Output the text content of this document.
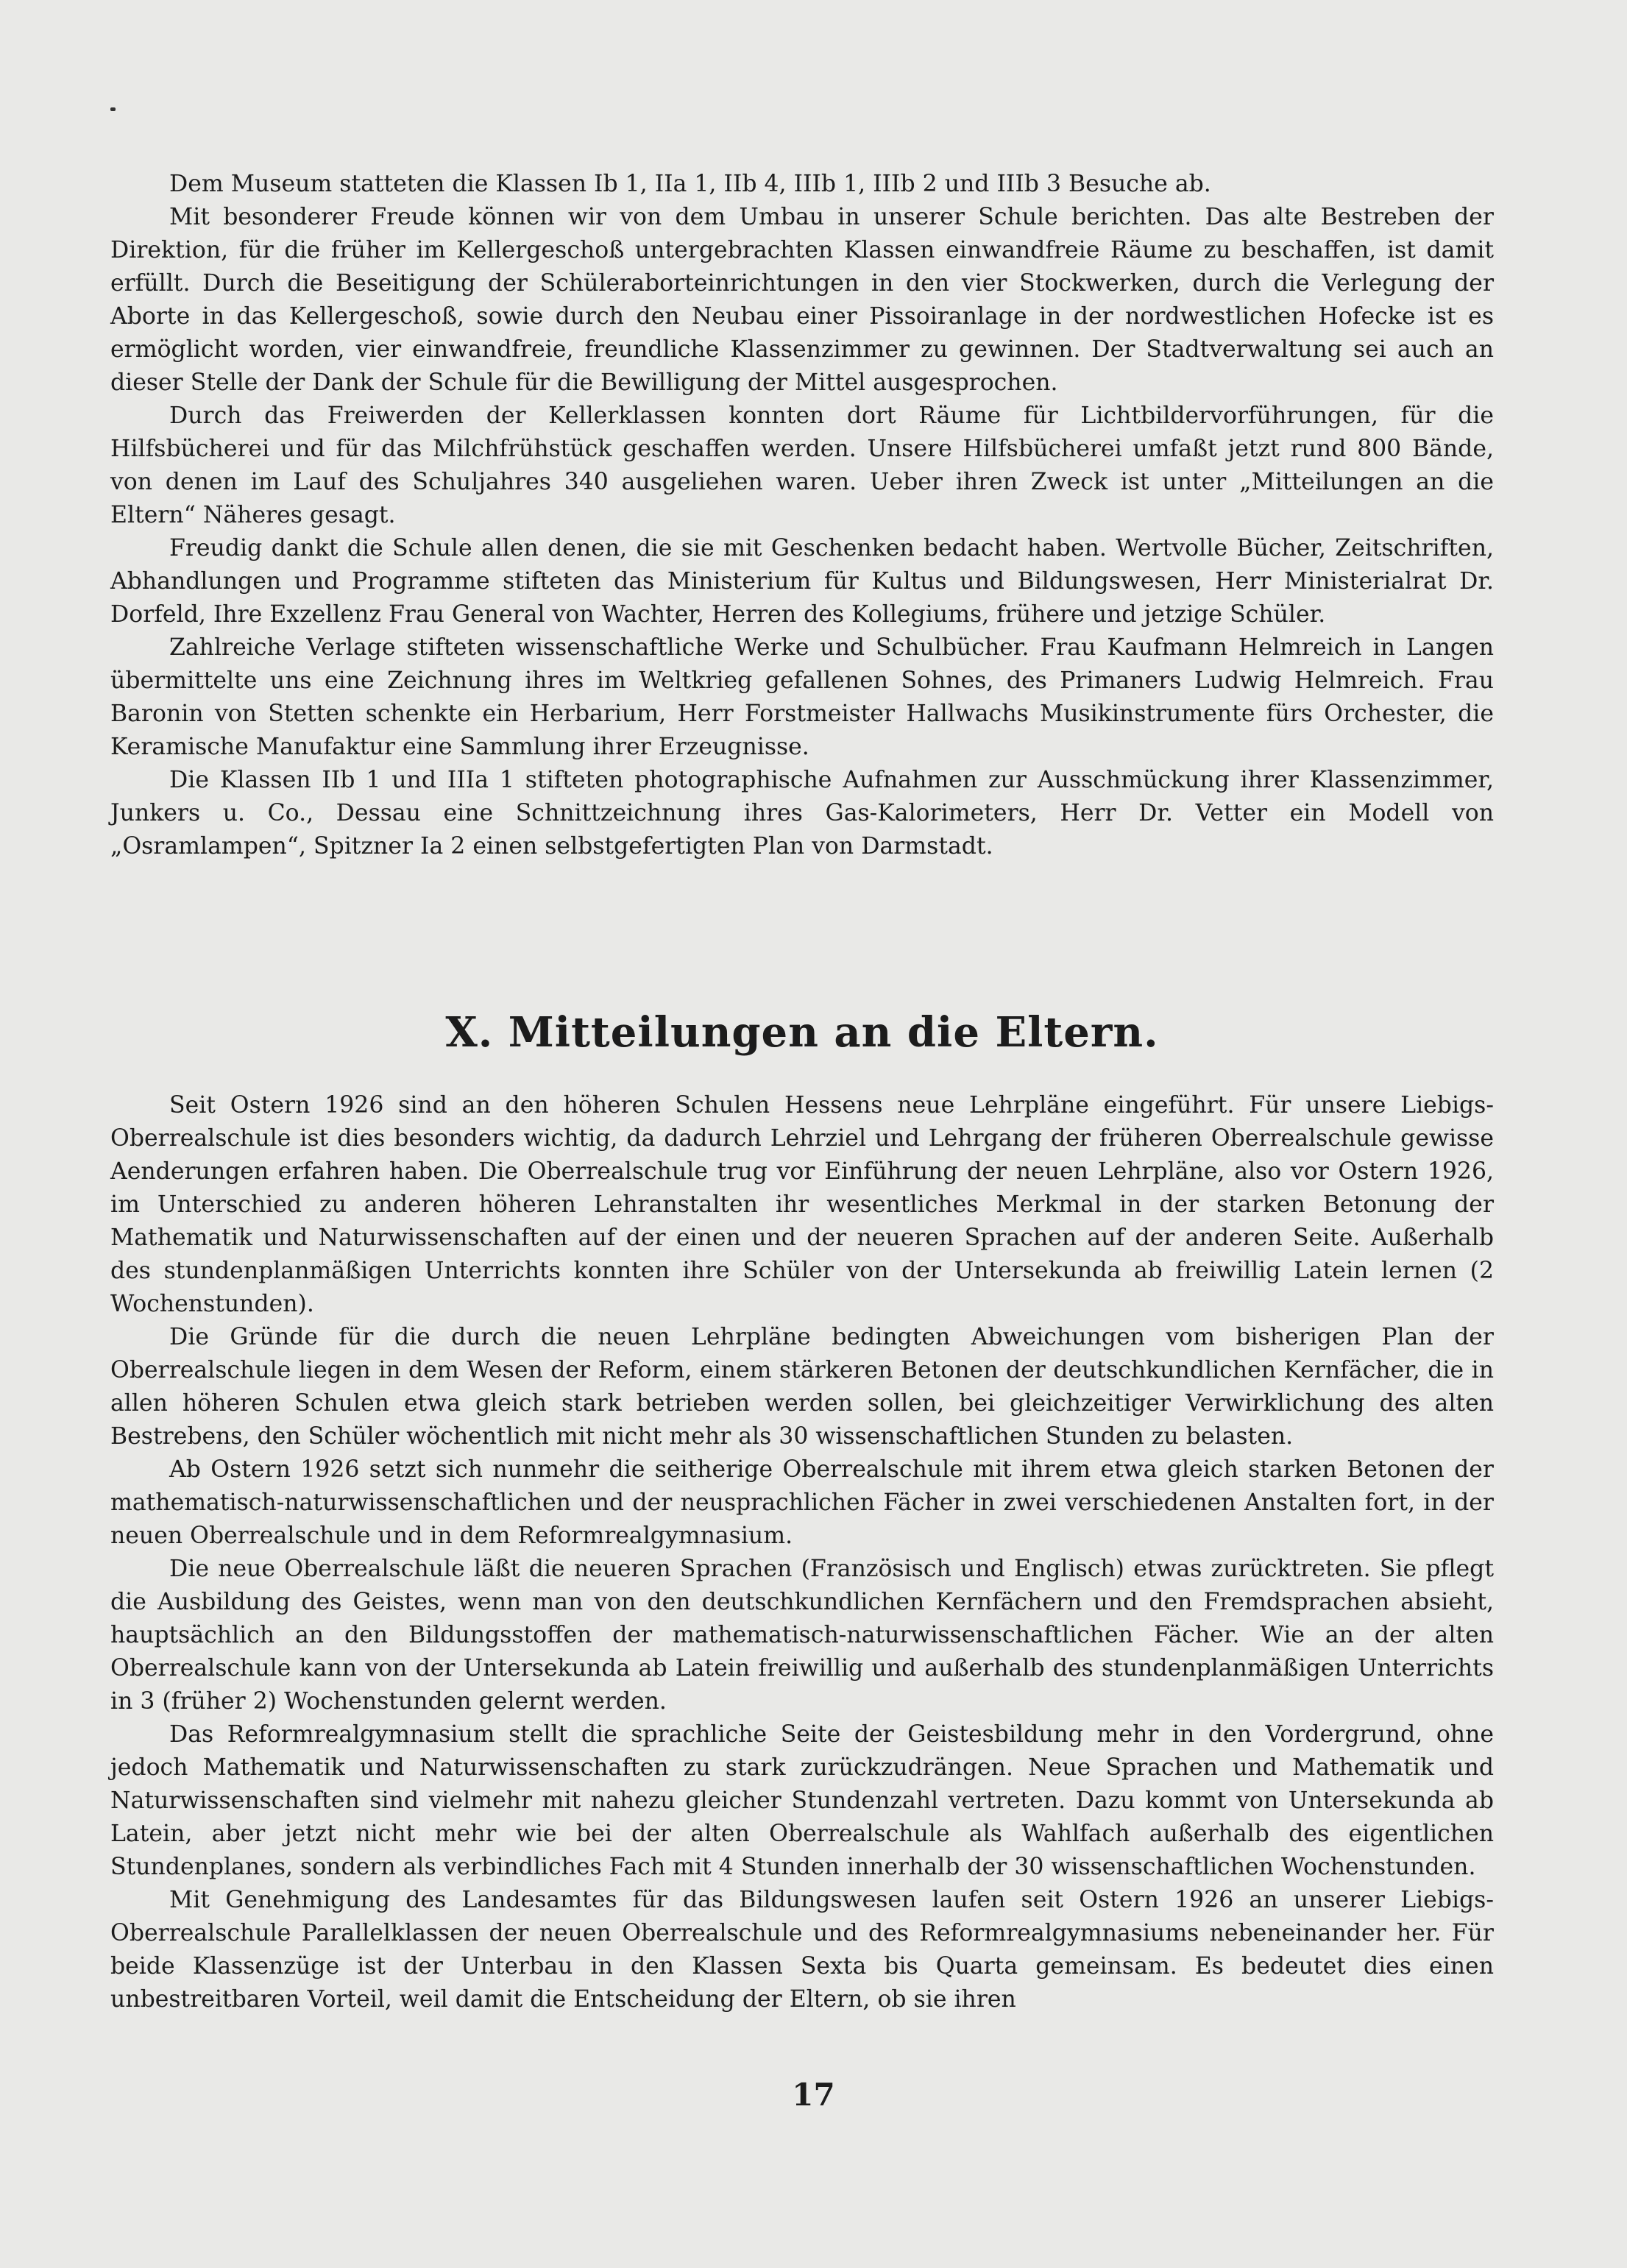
Dem Museum statteten die Klassen Ib 1, IIa 1, IIb 4, IIIb 1, IIIb 2 und IIIb 3 Besuche ab.

Mit besonderer Freude können wir von dem Umbau in unserer Schule berichten. Das alte Bestreben der Direktion, für die früher im Kellergeschoß untergebrachten Klassen einwandfreie Räume zu beschaffen, ist damit erfüllt. Durch die Beseitigung der Schüleraborteinrichtungen in den vier Stockwerken, durch die Verlegung der Aborte in das Kellergeschoß, sowie durch den Neubau einer Pissoiranlage in der nordwestlichen Hofecke ist es ermöglicht worden, vier einwandfreie, freundliche Klassenzimmer zu gewinnen. Der Stadtverwaltung sei auch an dieser Stelle der Dank der Schule für die Bewilligung der Mittel ausgesprochen.

Durch das Freiwerden der Kellerklassen konnten dort Räume für Lichtbildervorführungen, für die Hilfsbücherei und für das Milchfrühstück geschaffen werden. Unsere Hilfsbücherei umfaßt jetzt rund 800 Bände, von denen im Lauf des Schuljahres 340 ausgeliehen waren. Ueber ihren Zweck ist unter „Mitteilungen an die Eltern“ Näheres gesagt.

Freudig dankt die Schule allen denen, die sie mit Geschenken bedacht haben. Wertvolle Bücher, Zeitschriften, Abhandlungen und Programme stifteten das Ministerium für Kultus und Bildungswesen, Herr Ministerialrat Dr. Dorfeld, Ihre Exzellenz Frau General von Wachter, Herren des Kollegiums, frühere und jetzige Schüler.

Zahlreiche Verlage stifteten wissenschaftliche Werke und Schulbücher. Frau Kaufmann Helmreich in Langen übermittelte uns eine Zeichnung ihres im Weltkrieg gefallenen Sohnes, des Primaners Ludwig Helmreich. Frau Baronin von Stetten schenkte ein Herbarium, Herr Forstmeister Hallwachs Musikinstrumente fürs Orchester, die Keramische Manufaktur eine Sammlung ihrer Erzeugnisse.

Die Klassen IIb 1 und IIIa 1 stifteten photographische Aufnahmen zur Ausschmückung ihrer Klassenzimmer, Junkers u. Co., Dessau eine Schnittzeichnung ihres Gas-Kalorimeters, Herr Dr. Vetter ein Modell von „Osramlampen“, Spitzner Ia 2 einen selbstgefertigten Plan von Darmstadt.

X. Mitteilungen an die Eltern.

Seit Ostern 1926 sind an den höheren Schulen Hessens neue Lehrpläne eingeführt. Für unsere Liebigs-Oberrealschule ist dies besonders wichtig, da dadurch Lehrziel und Lehrgang der früheren Oberrealschule gewisse Aenderungen erfahren haben. Die Oberrealschule trug vor Einführung der neuen Lehrpläne, also vor Ostern 1926, im Unterschied zu anderen höheren Lehranstalten ihr wesentliches Merkmal in der starken Betonung der Mathematik und Naturwissenschaften auf der einen und der neueren Sprachen auf der anderen Seite. Außerhalb des stundenplanmäßigen Unterrichts konnten ihre Schüler von der Untersekunda ab freiwillig Latein lernen (2 Wochenstunden).

Die Gründe für die durch die neuen Lehrpläne bedingten Abweichungen vom bisherigen Plan der Oberrealschule liegen in dem Wesen der Reform, einem stärkeren Betonen der deutschkundlichen Kernfächer, die in allen höheren Schulen etwa gleich stark betrieben werden sollen, bei gleichzeitiger Verwirklichung des alten Bestrebens, den Schüler wöchentlich mit nicht mehr als 30 wissenschaftlichen Stunden zu belasten.

Ab Ostern 1926 setzt sich nunmehr die seitherige Oberrealschule mit ihrem etwa gleich starken Betonen der mathematisch-naturwissenschaftlichen und der neusprachlichen Fächer in zwei verschiedenen Anstalten fort, in der neuen Oberrealschule und in dem Reformrealgymnasium.

Die neue Oberrealschule läßt die neueren Sprachen (Französisch und Englisch) etwas zurücktreten. Sie pflegt die Ausbildung des Geistes, wenn man von den deutschkundlichen Kernfächern und den Fremdsprachen absieht, hauptsächlich an den Bildungsstoffen der mathematisch-naturwissenschaftlichen Fächer. Wie an der alten Oberrealschule kann von der Untersekunda ab Latein freiwillig und außerhalb des stundenplanmäßigen Unterrichts in 3 (früher 2) Wochenstunden gelernt werden.

Das Reformrealgymnasium stellt die sprachliche Seite der Geistesbildung mehr in den Vordergrund, ohne jedoch Mathematik und Naturwissenschaften zu stark zurückzudrängen. Neue Sprachen und Mathematik und Naturwissenschaften sind vielmehr mit nahezu gleicher Stundenzahl vertreten. Dazu kommt von Untersekunda ab Latein, aber jetzt nicht mehr wie bei der alten Oberrealschule als Wahlfach außerhalb des eigentlichen Stundenplanes, sondern als verbindliches Fach mit 4 Stunden innerhalb der 30 wissenschaftlichen Wochenstunden.

Mit Genehmigung des Landesamtes für das Bildungswesen laufen seit Ostern 1926 an unserer Liebigs-Oberrealschule Parallelklassen der neuen Oberrealschule und des Reformrealgymnasiums nebeneinander her. Für beide Klassenzüge ist der Unterbau in den Klassen Sexta bis Quarta gemeinsam. Es bedeutet dies einen unbestreitbaren Vorteil, weil damit die Entscheidung der Eltern, ob sie ihren

17
